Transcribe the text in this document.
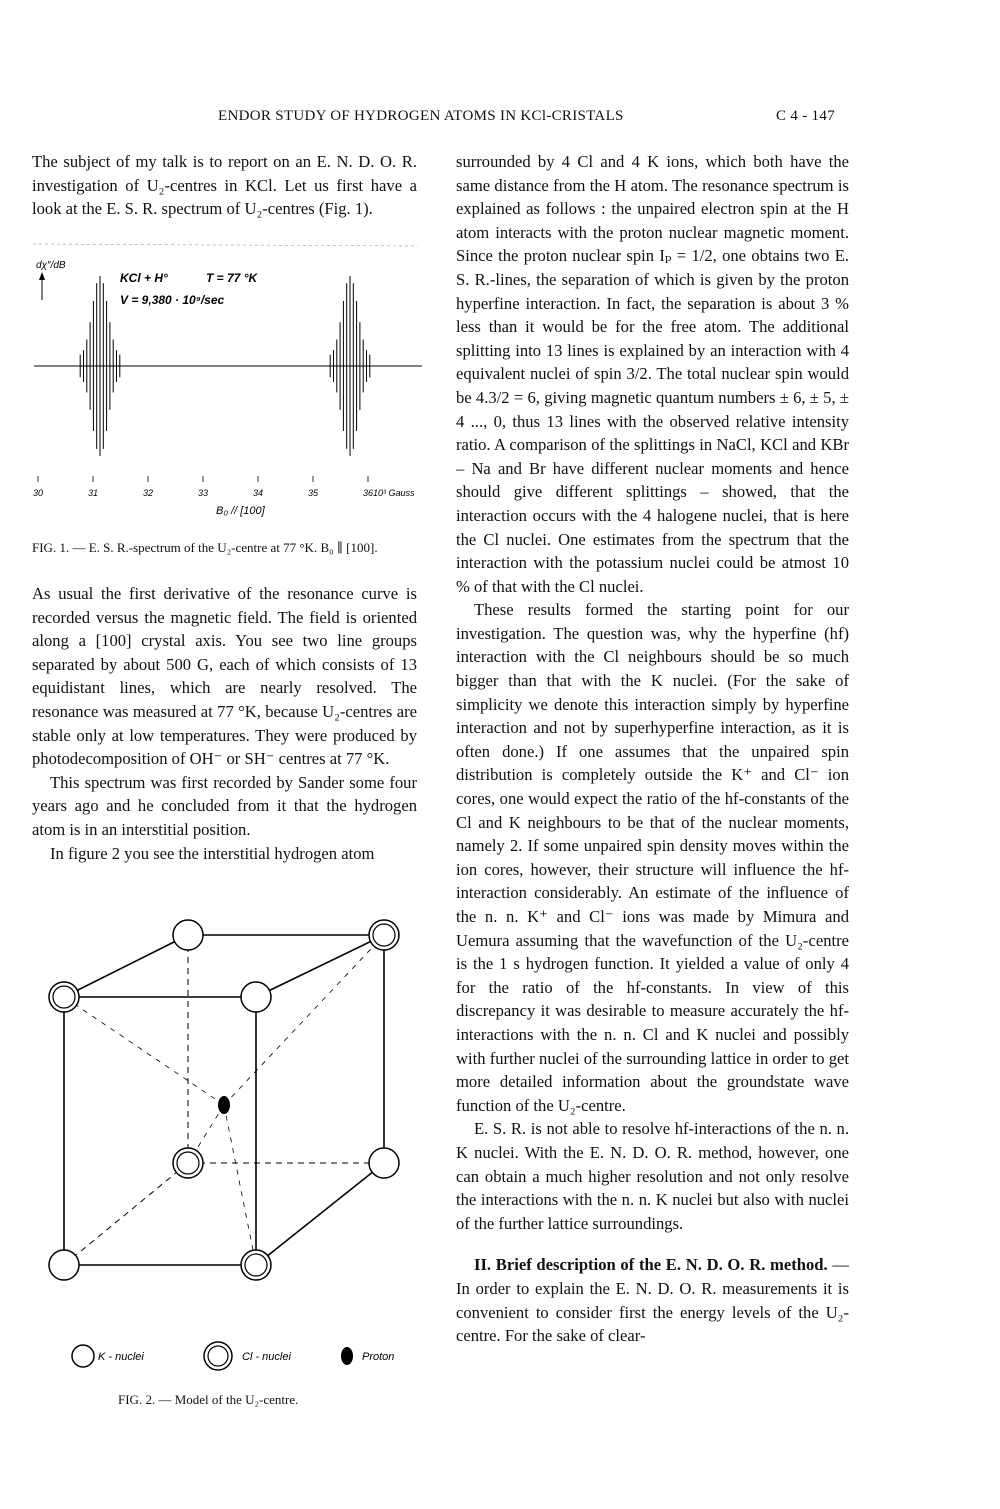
ENDOR STUDY OF HYDROGEN ATOMS IN KCl-CRISTALS	C 4 - 147

The subject of my talk is to report on an E. N. D. O. R. investigation of U₂-centres in KCl. Let us first have a look at the E. S. R. spectrum of U₂-centres (Fig. 1).

dχ″/dB
KCl + H°	T = 77 °K
V = 9,380 · 10⁹/sec
30	31	32	33	34	35	36 10³ Gauss
B₀ // [100]
FIG. 1. — E. S. R.-spectrum of the U₂-centre at 77 °K. B₀ ∥ [100].

As usual the first derivative of the resonance curve is recorded versus the magnetic field. The field is oriented along a [100] crystal axis. You see two line groups separated by about 500 G, each of which consists of 13 equidistant lines, which are nearly resolved. The resonance was measured at 77 °K, because U₂-centres are stable only at low temperatures. They were produced by photodecomposition of OH⁻ or SH⁻ centres at 77 °K.

This spectrum was first recorded by Sander some four years ago and he concluded from it that the hydrogen atom is in an interstitial position.

In figure 2 you see the interstitial hydrogen atom

K - nuclei	Cl - nuclei	Proton
FIG. 2. — Model of the U₂-centre.

surrounded by 4 Cl and 4 K ions, which both have the same distance from the H atom. The resonance spectrum is explained as follows : the unpaired electron spin at the H atom interacts with the proton nuclear magnetic moment. Since the proton nuclear spin Iₚ = 1/2, one obtains two E. S. R.-lines, the separation of which is given by the proton hyperfine interaction. In fact, the separation is about 3 % less than it would be for the free atom. The additional splitting into 13 lines is explained by an interaction with 4 equivalent nuclei of spin 3/2. The total nuclear spin would be 4.3/2 = 6, giving magnetic quantum numbers ± 6, ± 5, ± 4 ..., 0, thus 13 lines with the observed relative intensity ratio. A comparison of the splittings in NaCl, KCl and KBr – Na and Br have different nuclear moments and hence should give different splittings – showed, that the interaction occurs with the 4 halogene nuclei, that is here the Cl nuclei. One estimates from the spectrum that the interaction with the potassium nuclei could be atmost 10 % of that with the Cl nuclei.

These results formed the starting point for our investigation. The question was, why the hyperfine (hf) interaction with the Cl neighbours should be so much bigger than that with the K nuclei. (For the sake of simplicity we denote this interaction simply by hyperfine interaction and not by superhyperfine interaction, as it is often done.) If one assumes that the unpaired spin distribution is completely outside the K⁺ and Cl⁻ ion cores, one would expect the ratio of the hf-constants of the Cl and K neighbours to be that of the nuclear moments, namely 2. If some unpaired spin density moves within the ion cores, however, their structure will influence the hf-interaction considerably. An estimate of the influence of the n. n. K⁺ and Cl⁻ ions was made by Mimura and Uemura assuming that the wavefunction of the U₂-centre is the 1 s hydrogen function. It yielded a value of only 4 for the ratio of the hf-constants. In view of this discrepancy it was desirable to measure accurately the hf-interactions with the n. n. Cl and K nuclei and possibly with further nuclei of the surrounding lattice in order to get more detailed information about the groundstate wave function of the U₂-centre.

E. S. R. is not able to resolve hf-interactions of the n. n. K nuclei. With the E. N. D. O. R. method, however, one can obtain a much higher resolution and not only resolve the interactions with the n. n. K nuclei but also with nuclei of the further lattice surroundings.

II. Brief description of the E. N. D. O. R. method. — In order to explain the E. N. D. O. R. measurements it is convenient to consider first the energy levels of the U₂-centre. For the sake of clear-
